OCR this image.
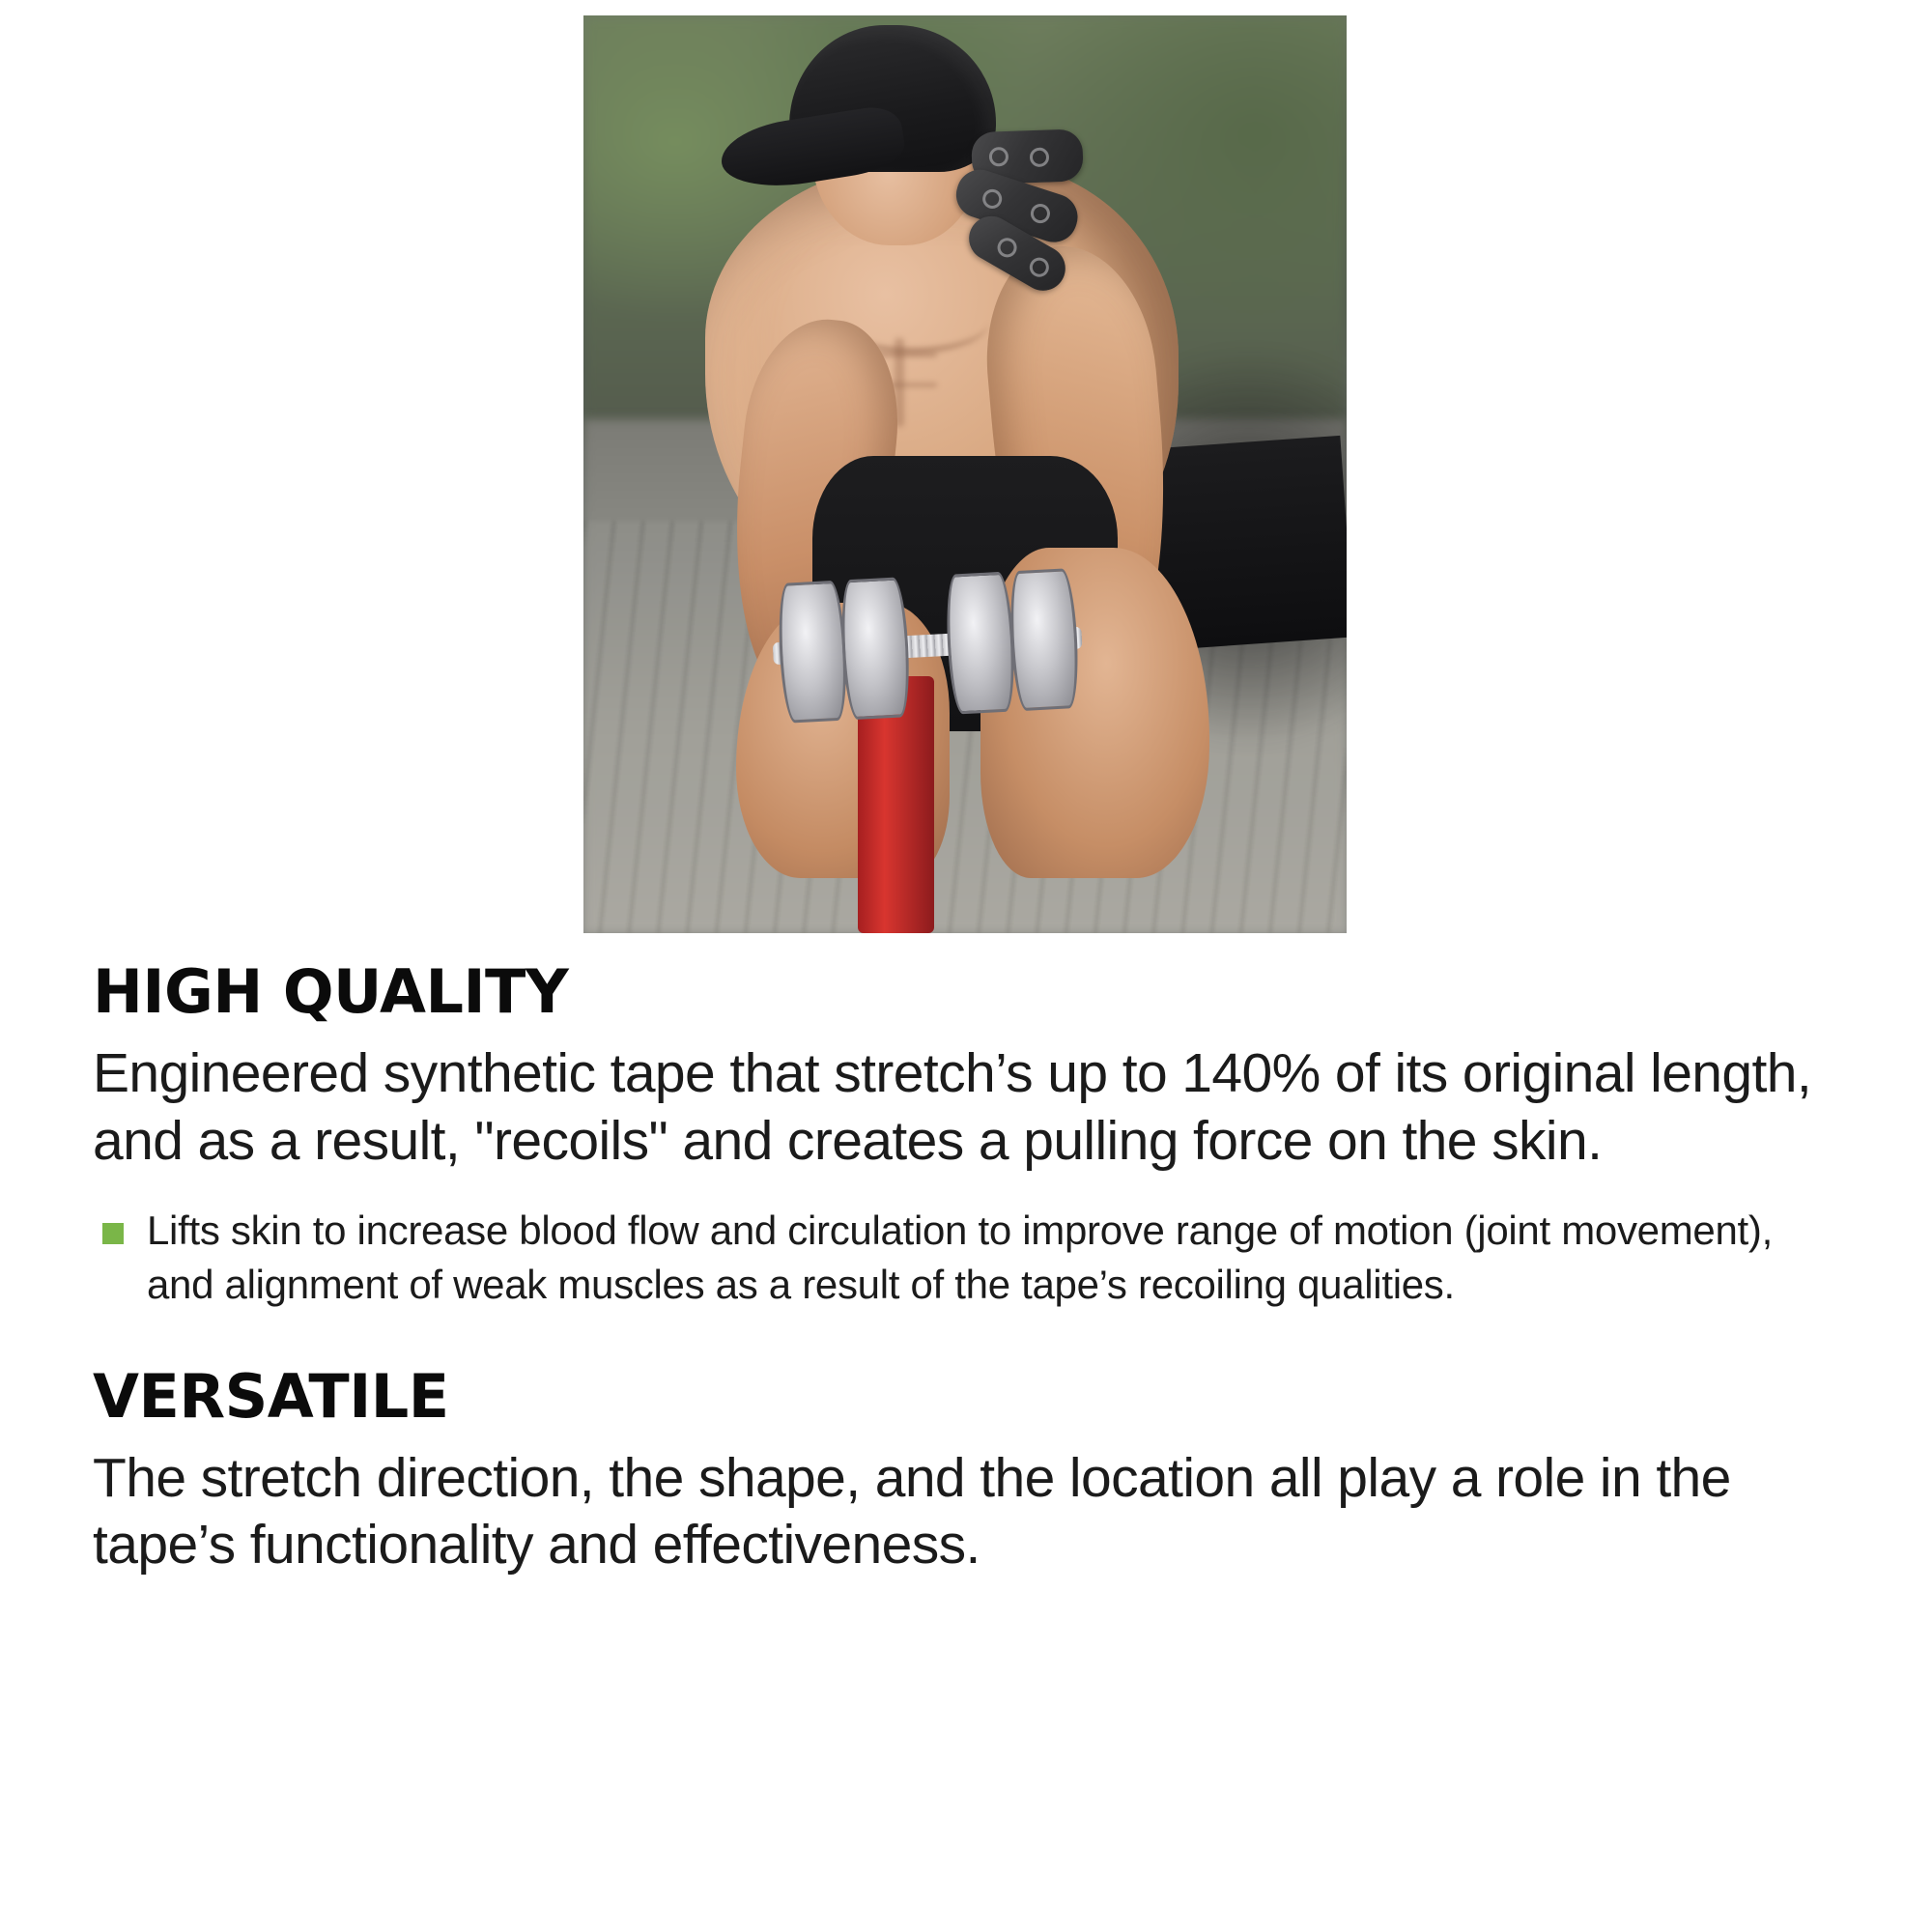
HIGH QUALITY

Engineered synthetic tape that stretch’s up to 140% of its original length, and as a result, "recoils" and creates a pulling force on the skin.

Lifts skin to increase blood flow and circulation to improve range of motion (joint movement), and alignment of weak muscles as a result of the tape’s recoiling qualities.
VERSATILE

The stretch direction, the shape, and the location all play a role in the tape’s functionality and effectiveness.
